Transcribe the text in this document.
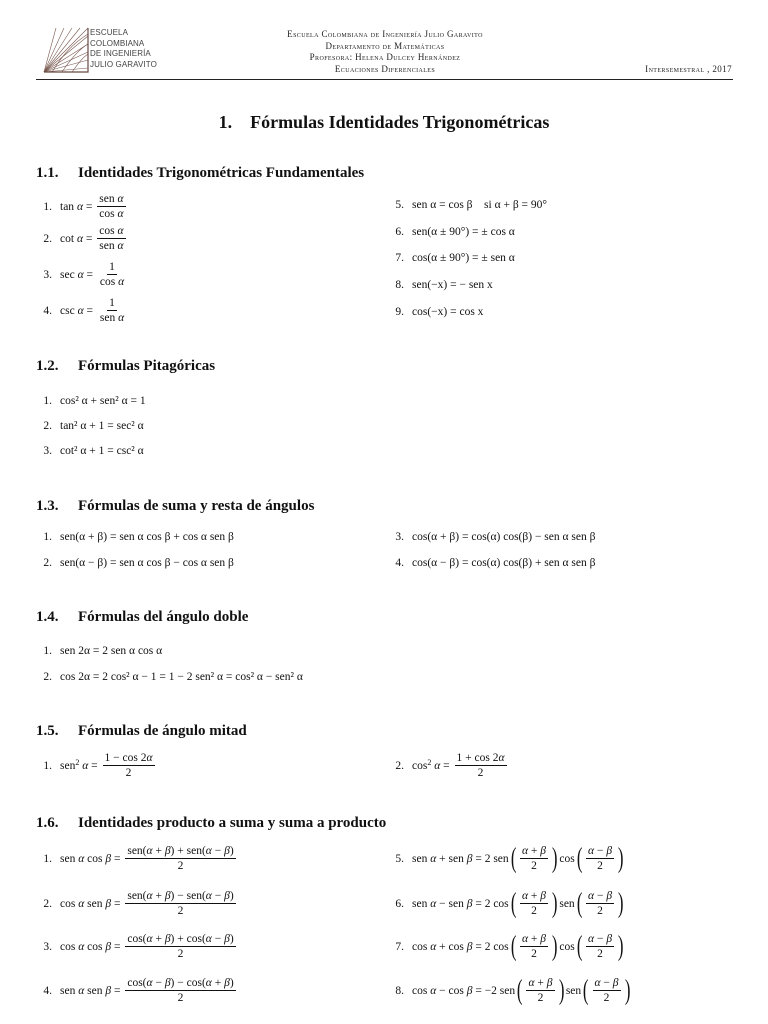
ESCUELA
COLOMBIANA
DE INGENIERÍA
JULIO GARAVITO
Escuela Colombiana de Ingeniería Julio Garavito
Departamento de Matemáticas
Profesora: Helena Dulcey Hernández
Ecuaciones Diferenciales	Intersemestral , 2017
1. Fórmulas Identidades Trigonométricas
1.1. Identidades Trigonométricas Fundamentales
1. $\tan \alpha = \frac{\text{sen α}}{\text{cos α}}$
2. $\cot \alpha = \frac{\text{cos α}}{\text{sen α}}$
3. $\sec \alpha = \frac{1}{\text{cos α}}$
4. $\csc \alpha = \frac{1}{\text{sen α}}$
5. sen α = cos β    si α + β = 90°
6. sen(α ± 90°) = ± cos α
7. cos(α ± 90°) = ± sen α
8. sen(−x) = − sen x
9. cos(−x) = cos x
1.2. Fórmulas Pitagóricas
1. cos² α + sen² α = 1
2. tan² α + 1 = sec² α
3. cot² α + 1 = csc² α
1.3. Fórmulas de suma y resta de ángulos
1. sen(α + β) = sen α cos β + cos α sen β
2. sen(α − β) = sen α cos β − cos α sen β
3. cos(α + β) = cos(α) cos(β) − sen α sen β
4. cos(α − β) = cos(α) cos(β) + sen α sen β
1.4. Fórmulas del ángulo doble
1. sen 2α = 2 sen α cos α
2. cos 2α = 2 cos² α − 1 = 1 − 2 sen² α = cos² α − sen² α
1.5. Fórmulas de ángulo mitad
1. sen$^2$ $\alpha = \frac{1 - \cos 2\alpha}{2}$	2. $\cos^2 \alpha = \frac{1 + \cos 2\alpha}{2}$
1.6. Identidades producto a suma y suma a producto
1. sen α $\cos \beta = \frac{\text{sen(α + β) + sen(α − β)}}{2}$
2. cos α sen $\beta = \frac{\text{sen(α + β) − sen(α − β)}}{2}$
3. cos α $\cos \beta = \frac{\cos(\alpha + \beta) + \cos(\alpha - \beta)}{2}$
4. sen α sen $\beta = \frac{\cos(\alpha - \beta) - \cos(\alpha + \beta)}{2}$
5. sen α + sen β = 2 sen ( $\frac{\alpha + \beta}{2}$ ) cos ( $\frac{\alpha - \beta}{2}$ )
6. sen α − sen β = 2 cos ( $\frac{\alpha + \beta}{2}$ ) sen ( $\frac{\alpha - \beta}{2}$ )
7. cos α + cos β = 2 cos ( $\frac{\alpha + \beta}{2}$ ) cos ( $\frac{\alpha - \beta}{2}$ )
8. cos α − cos β = −2 sen ( $\frac{\alpha + \beta}{2}$ ) sen ( $\frac{\alpha - \beta}{2}$ )
